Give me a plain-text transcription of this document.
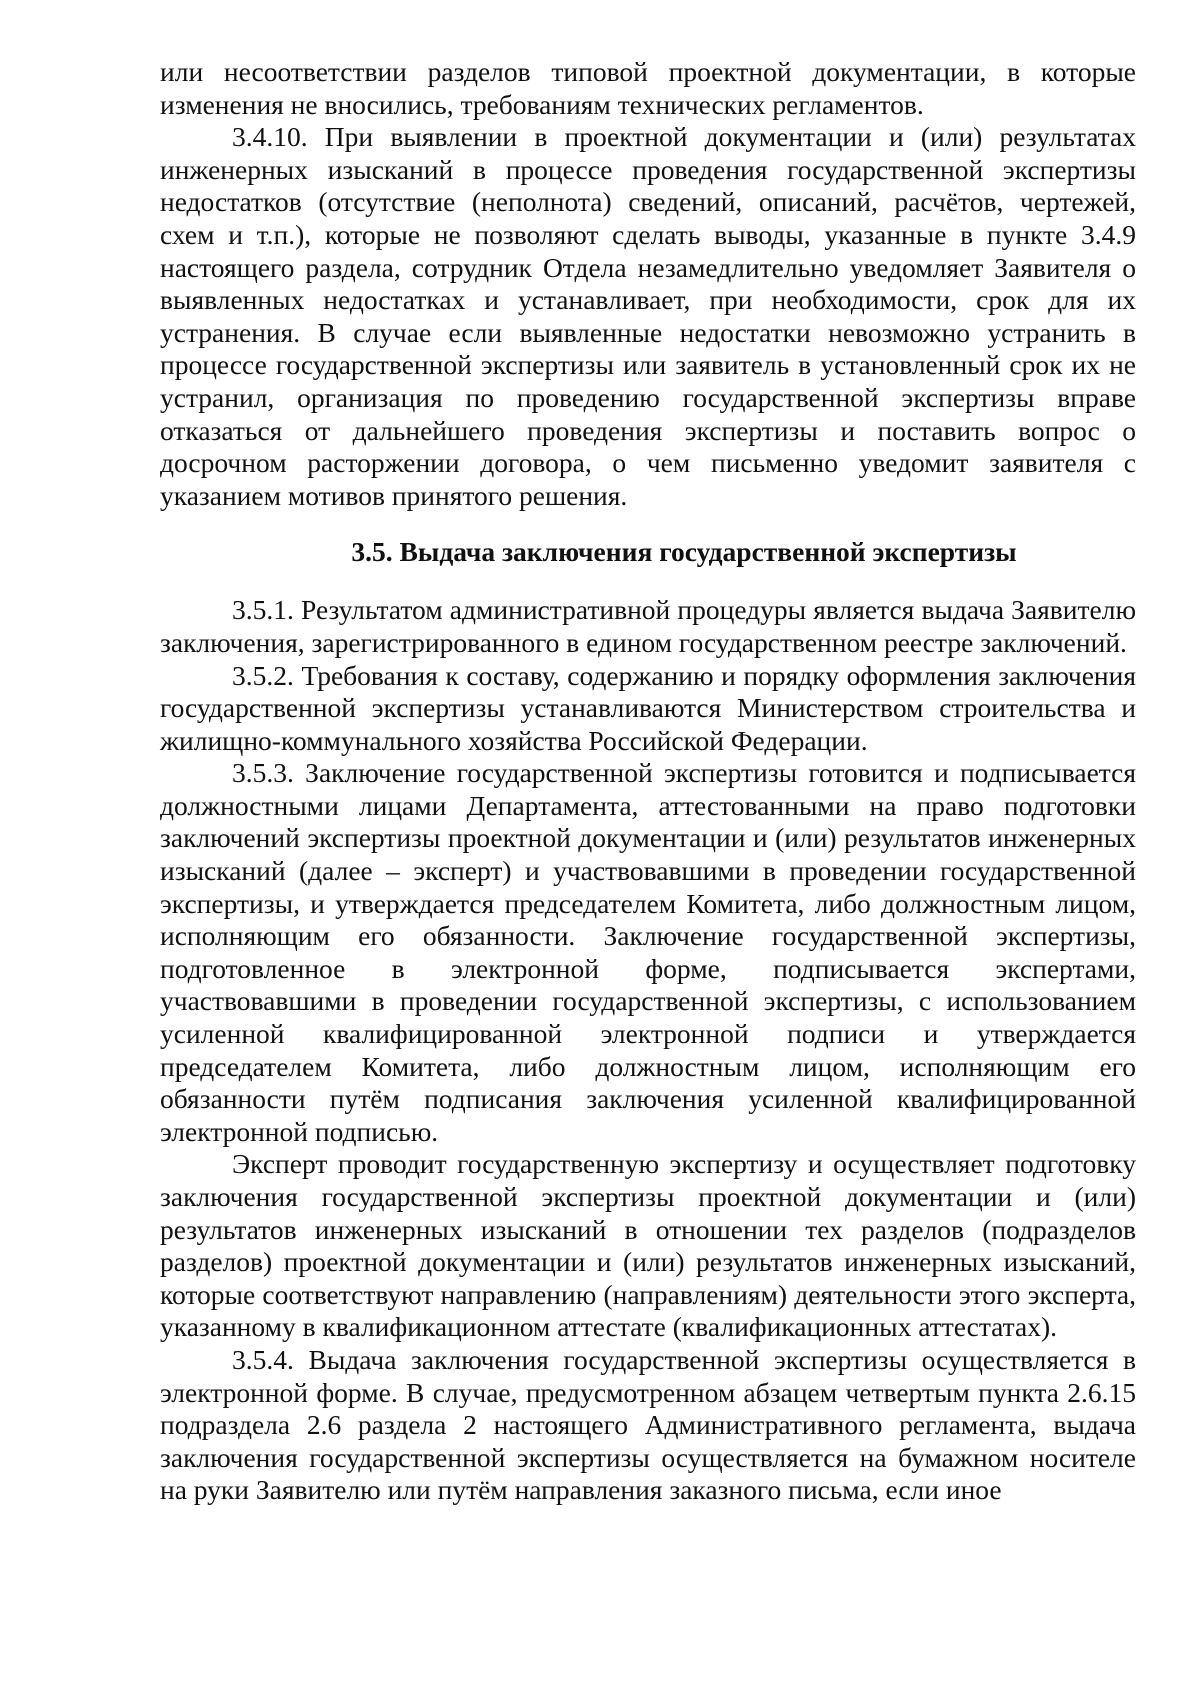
или несоответствии разделов типовой проектной документации, в которые изменения не вносились, требованиям технических регламентов.

3.4.10. При выявлении в проектной документации и (или) результатах инженерных изысканий в процессе проведения государственной экспертизы недостатков (отсутствие (неполнота) сведений, описаний, расчётов, чертежей, схем и т.п.), которые не позволяют сделать выводы, указанные в пункте 3.4.9 настоящего раздела, сотрудник Отдела незамедлительно уведомляет Заявителя о выявленных недостатках и устанавливает, при необходимости, срок для их устранения. В случае если выявленные недостатки невозможно устранить в процессе государственной экспертизы или заявитель в установленный срок их не устранил, организация по проведению государственной экспертизы вправе отказаться от дальнейшего проведения экспертизы и поставить вопрос о досрочном расторжении договора, о чем письменно уведомит заявителя с указанием мотивов принятого решения.

3.5. Выдача заключения государственной экспертизы

3.5.1. Результатом административной процедуры является выдача Заявителю заключения, зарегистрированного в едином государственном реестре заключений.

3.5.2. Требования к составу, содержанию и порядку оформления заключения государственной экспертизы устанавливаются Министерством строительства и жилищно-коммунального хозяйства Российской Федерации.

3.5.3. Заключение государственной экспертизы готовится и подписывается должностными лицами Департамента, аттестованными на право подготовки заключений экспертизы проектной документации и (или) результатов инженерных изысканий (далее – эксперт) и участвовавшими в проведении государственной экспертизы, и утверждается председателем Комитета, либо должностным лицом, исполняющим его обязанности. Заключение государственной экспертизы, подготовленное в электронной форме, подписывается экспертами, участвовавшими в проведении государственной экспертизы, с использованием усиленной квалифицированной электронной подписи и утверждается председателем Комитета, либо должностным лицом, исполняющим его обязанности путём подписания заключения усиленной квалифицированной электронной подписью.

Эксперт проводит государственную экспертизу и осуществляет подготовку заключения государственной экспертизы проектной документации и (или) результатов инженерных изысканий в отношении тех разделов (подразделов разделов) проектной документации и (или) результатов инженерных изысканий, которые соответствуют направлению (направлениям) деятельности этого эксперта, указанному в квалификационном аттестате (квалификационных аттестатах).

3.5.4. Выдача заключения государственной экспертизы осуществляется в электронной форме. В случае, предусмотренном абзацем четвертым пункта 2.6.15 подраздела 2.6 раздела 2 настоящего Административного регламента, выдача заключения государственной экспертизы осуществляется на бумажном носителе на руки Заявителю или путём направления заказного письма, если иное
